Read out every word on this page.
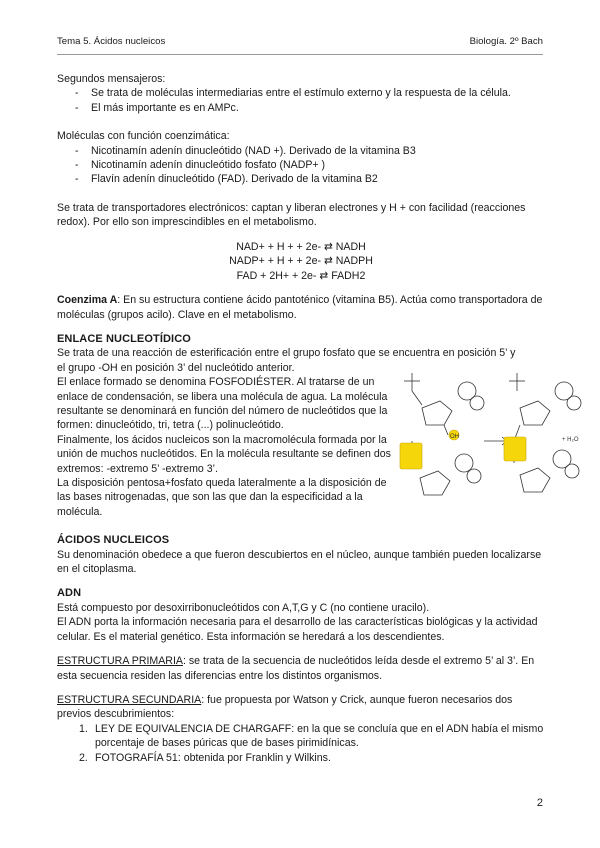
Tema 5. Ácidos nucleicos	Biología. 2º Bach

Segundos mensajeros:

- Se trata de moléculas intermediarias entre el estímulo externo y la respuesta de la célula.
- El más importante es en AMPc.

Moléculas con función coenzimática:

- Nicotinamín adenín dinucleótido (NAD +). Derivado de la vitamina B3
- Nicotinamín adenín dinucleótido fosfato (NADP+ )
- Flavín adenín dinucleótido (FAD). Derivado de la vitamina B2

Se trata de transportadores electrónicos: captan y liberan electrones y H + con facilidad (reacciones redox). Por ello son imprescindibles en el metabolismo.

NAD+ + H + + 2e- ⇄ NADH
NADP+ + H + + 2e- ⇄ NADPH
FAD + 2H+ + 2e- ⇄ FADH2

Coenzima A: En su estructura contiene ácido pantoténico (vitamina B5). Actúa como transportadora de moléculas (grupos acilo). Clave en el metabolismo.

ENLACE NUCLEOTÍDICO

Se trata de una reacción de esterificación entre el grupo fosfato que se encuentra en posición 5’ y

el grupo -OH en posición 3’ del nucleótido anterior.

El enlace formado se denomina FOSFODIÉSTER. Al tratarse de un enlace de condensación, se libera una molécula de agua. La molécula resultante se denominará en función del número de nucleótidos que la formen: dinucleótido, tri, tetra (...) polinucleótido.

Finalmente, los ácidos nucleicos son la macromolécula formada por la unión de muchos nucleótidos. En la molécula resultante se definen dos extremos: -extremo 5’ -extremo 3’.

La disposición pentosa+fosfato queda lateralmente a la disposición de las bases nitrogenadas, que son las que dan la especificidad a la molécula.

ÁCIDOS NUCLEICOS

Su denominación obedece a que fueron descubiertos en el núcleo, aunque también pueden localizarse en el citoplasma.

ADN

Está compuesto por desoxirribonucleótidos con A,T,G y C (no contiene uracilo).

El ADN porta la información necesaria para el desarrollo de las características biológicas y la actividad celular. Es el material genético. Esta información se heredará a los descendientes.

ESTRUCTURA PRIMARIA: se trata de la secuencia de nucleótidos leída desde el extremo 5’ al 3’. En esta secuencia residen las diferencias entre los distintos organismos.

ESTRUCTURA SECUNDARIA: fue propuesta por Watson y Crick, aunque fueron necesarios dos previos descubrimientos:

1. LEY DE EQUIVALENCIA DE CHARGAFF: en la que se concluía que en el ADN había el mismo porcentaje de bases púricas que de bases pirimidínicas.
2. FOTOGRAFÍA 51: obtenida por Franklin y Wilkins.
OH	+ H₂O
2
